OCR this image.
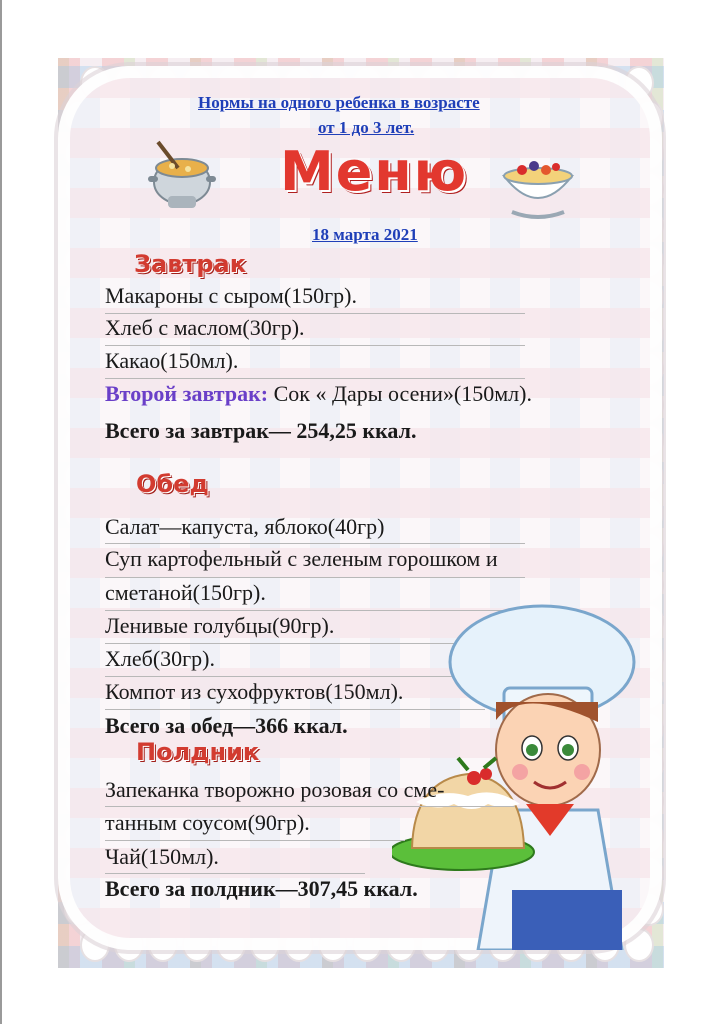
Нормы на одного ребенка в возрасте
от 1 до 3 лет.
Меню
18 марта 2021
Завтрак
Макароны с сыром(150гр).
Хлеб с маслом(30гр).
Какао(150мл).
Второй завтрак: Сок « Дары осени»(150мл).
Всего за завтрак— 254,25 ккал.
Обед
Салат—капуста, яблоко(40гр)
Суп картофельный с зеленым горошком и
сметаной(150гр).
Ленивые голубцы(90гр).
Хлеб(30гр).
Компот из сухофруктов(150мл).
Всего за обед—366 ккал.
Полдник
Запеканка творожно розовая со сме-
танным соусом(90гр).
Чай(150мл).
Всего за полдник—307,45 ккал.
